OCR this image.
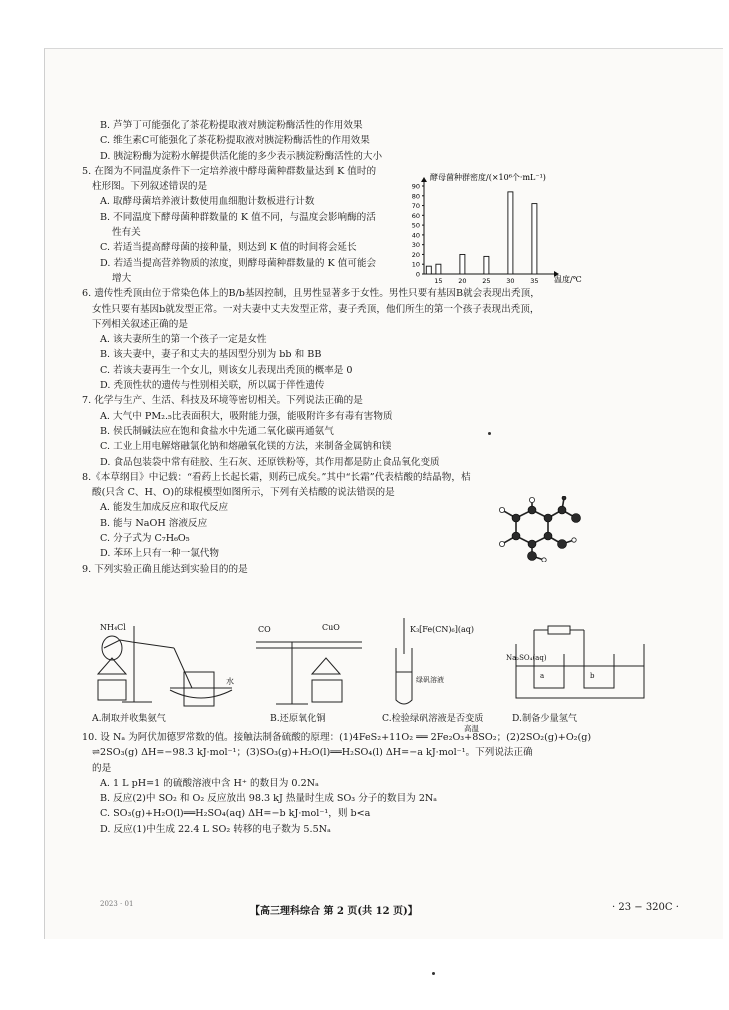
B. 芦笋丁可能强化了茶花粉提取液对胰淀粉酶活性的作用效果

C. 维生素C可能强化了茶花粉提取液对胰淀粉酶活性的作用效果

D. 胰淀粉酶为淀粉水解提供活化能的多少表示胰淀粉酶活性的大小

5. 在图为不同温度条件下一定培养液中酵母菌种群数量达到 K 值时的

柱形图。下列叙述错误的是

A. 取酵母菌培养液计数使用血细胞计数板进行计数

B. 不同温度下酵母菌种群数量的 K 值不同，与温度会影响酶的活

性有关

C. 若适当提高酵母菌的接种量，则达到 K 值的时间将会延长

D. 若适当提高营养物质的浓度，则酵母菌种群数量的 K 值可能会

增大

6. 遗传性秃顶由位于常染色体上的B/b基因控制，且男性显著多于女性。男性只要有基因B就会表现出秃顶，

女性只要有基因b就发型正常。一对夫妻中丈夫发型正常，妻子秃顶，他们所生的第一个孩子表现出秃顶，

下列相关叙述正确的是

A. 该夫妻所生的第一个孩子一定是女性

B. 该夫妻中，妻子和丈夫的基因型分别为 bb 和 BB

C. 若该夫妻再生一个女儿，则该女儿表现出秃顶的概率是 0

D. 秃顶性状的遗传与性别相关联，所以属于伴性遗传

7. 化学与生产、生活、科技及环境等密切相关。下列说法正确的是

A. 大气中 PM₂.₅比表面积大，吸附能力强，能吸附许多有毒有害物质

B. 侯氏制碱法应在饱和食盐水中先通二氧化碳再通氨气

C. 工业上用电解熔融氯化钠和熔融氧化镁的方法，来制备金属钠和镁

D. 食品包装袋中常有硅胶、生石灰、还原铁粉等，其作用都是防止食品氧化变质

8.《本草纲目》中记载：“看药上长起长霜，则药已成矣。”其中“长霜”代表桔酸的结晶物，桔

酸(只含 C、H、O)的球棍模型如图所示，下列有关桔酸的说法错误的是

A. 能发生加成反应和取代反应

B. 能与 NaOH 溶液反应

C. 分子式为 C₇H₆O₅

D. 苯环上只有一种一氯代物

9. 下列实验正确且能达到实验目的的是

酵母菌种群密度/(×10⁶个·mL⁻¹)
0
10
20
30
40
50
60
70
80
90
15 20 25 30 35 温度/℃
NH₄Cl
水
A.制取并收集氨气
CO	CuO
B.还原氧化铜
K₃[Fe(CN)₆](aq)
绿矾溶液
C.检验绿矾溶液是否变质
Na₂SO₄(aq)
a	b
D.制备少量氢气
高温

10. 设 Nₐ 为阿伏加德罗常数的值。接触法制备硫酸的原理：(1)4FeS₂+11O₂ ══ 2Fe₂O₃+8SO₂；(2)2SO₂(g)+O₂(g)

⇌2SO₃(g) ΔH=−98.3 kJ·mol⁻¹；(3)SO₃(g)+H₂O(l)══H₂SO₄(l) ΔH=−a kJ·mol⁻¹。下列说法正确

的是

A. 1 L pH=1 的硫酸溶液中含 H⁺ 的数目为 0.2Nₐ

B. 反应(2)中 SO₂ 和 O₂ 反应放出 98.3 kJ 热量时生成 SO₃ 分子的数目为 2Nₐ

C. SO₃(g)+H₂O(l)══H₂SO₄(aq) ΔH=−b kJ·mol⁻¹，则 b<a

D. 反应(1)中生成 22.4 L SO₂ 转移的电子数为 5.5Nₐ

2023 · 01
【高三理科综合 第 2 页(共 12 页)】	· 23 − 320C ·
